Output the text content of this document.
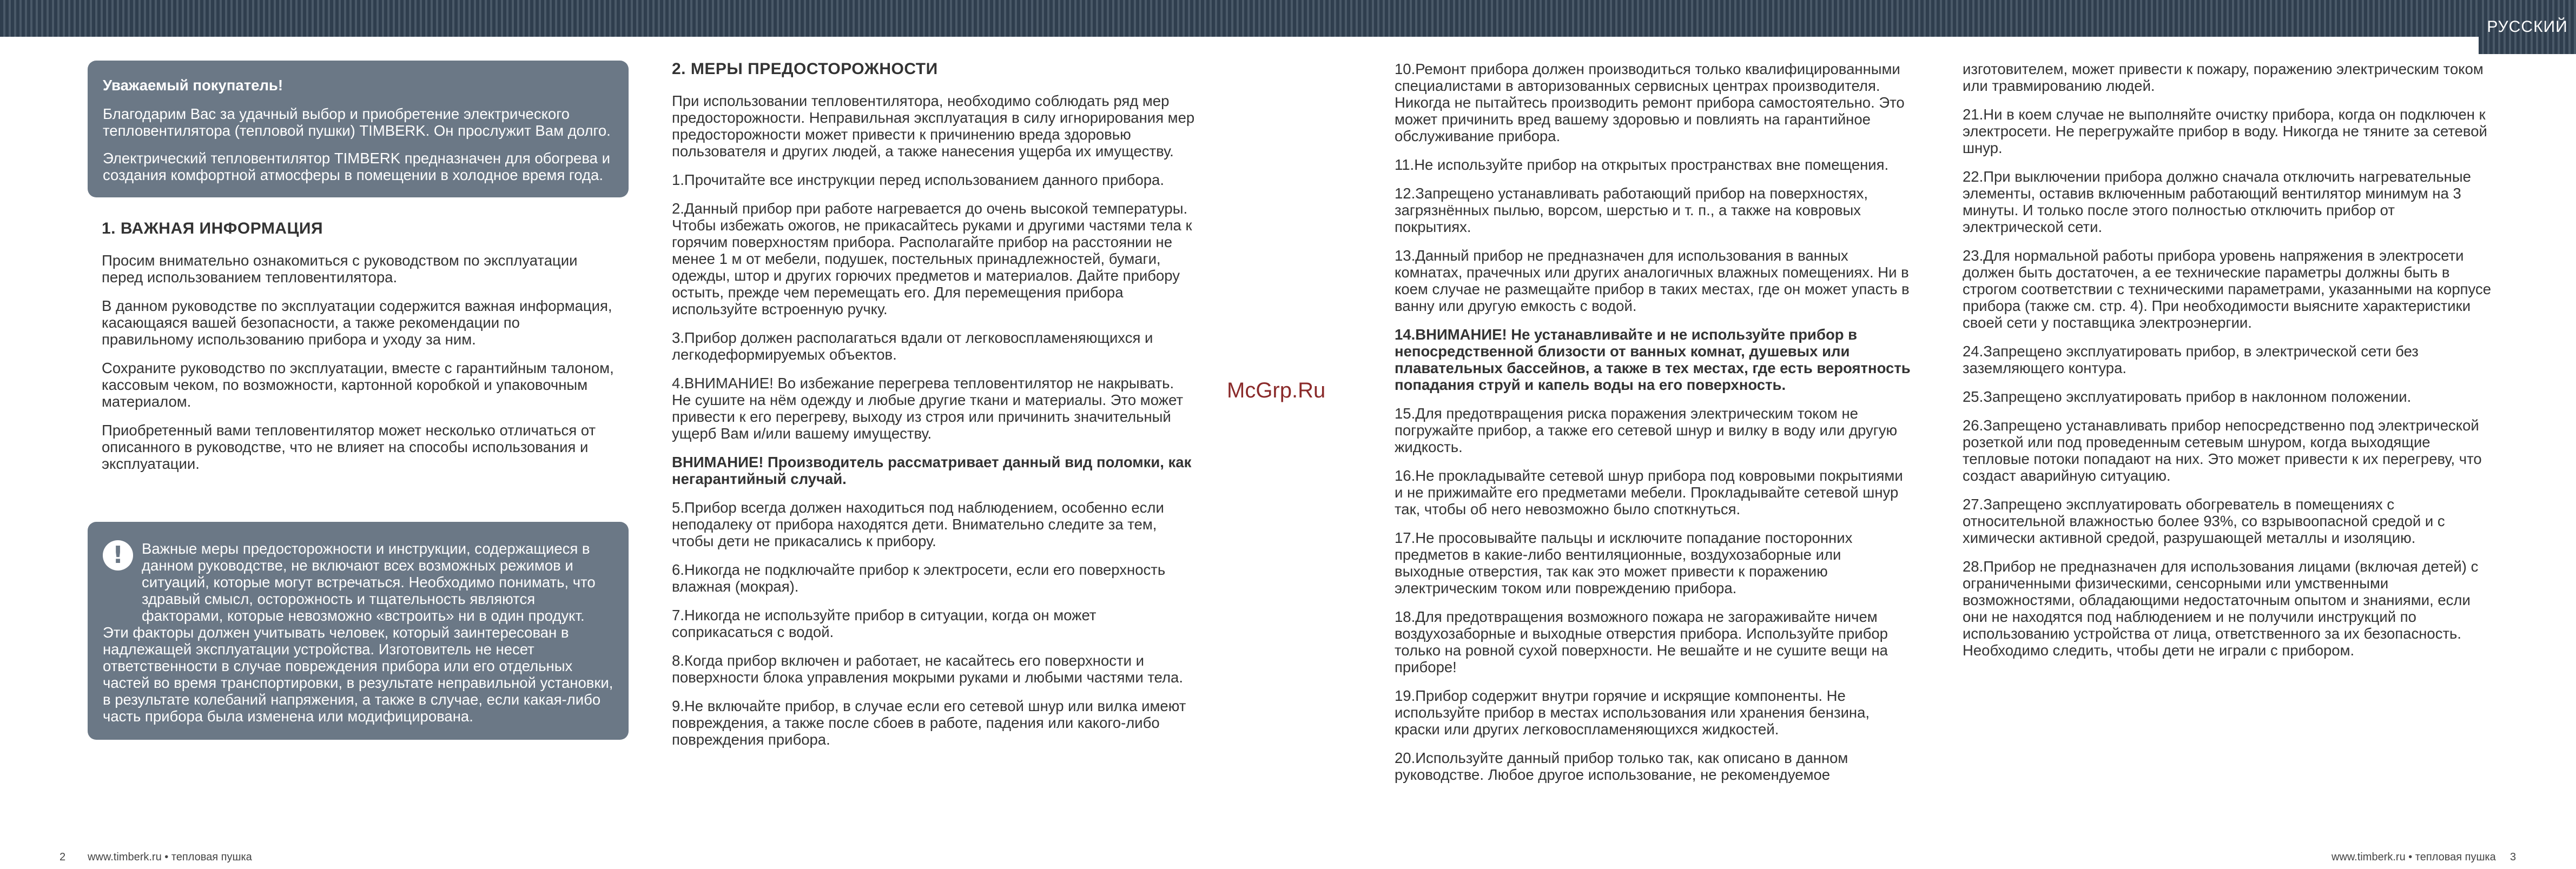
РУССКИЙ

Уважаемый покупатель!

Благодарим Вас за удачный выбор и приобретение электрического тепловентилятора (тепловой пушки) TIMBERK. Он прослужит Вам долго.

Электрический тепловентилятор TIMBERK предназначен для обогрева и создания комфортной атмосферы в помещении в холодное время года.

1. ВАЖНАЯ ИНФОРМАЦИЯ

Просим внимательно ознакомиться с руководством по эксплуатации перед использованием тепловентилятора.

В данном руководстве по эксплуатации содержится важная информация, касающаяся вашей безопасности, а также рекомендации по правильному использованию прибора и уходу за ним.

Сохраните руководство по эксплуатации, вместе с гарантийным талоном, кассовым чеком, по возможности, картонной коробкой и упаковочным материалом.

Приобретенный вами тепловентилятор может несколько отличаться от описанного в руководстве, что не влияет на способы использования и эксплуатации.

!	Важные меры предосторожности и инструкции, содержащиеся в данном руководстве, не включают всех возможных режимов и ситуаций, которые могут встречаться. Необходимо понимать, что здравый смысл, осторожность и тщательность являются факторами, которые невозможно «встроить» ни в один продукт.
Эти факторы должен учитывать человек, который заинтересован в надлежащей эксплуатации устройства. Изготовитель не несет ответственности в случае повреждения прибора или его отдельных частей во время транспортировки, в результате неправильной установки, в результате колебаний напряжения, а также в случае, если какая-либо часть прибора была изменена или модифицирована.
2. МЕРЫ ПРЕДОСТОРОЖНОСТИ

При использовании тепловентилятора, необходимо соблюдать ряд мер предосторожности. Неправильная эксплуатация в силу игнорирования мер предосторожности может привести к причинению вреда здоровью пользователя и других людей, а также нанесения ущерба их имуществу.

1.Прочитайте все инструкции перед использованием данного прибора.

2.Данный прибор при работе нагревается до очень высокой температуры. Чтобы избежать ожогов, не прикасайтесь руками и другими частями тела к горячим поверхностям прибора. Располагайте прибор на расстоянии не менее 1 м от мебели, подушек, постельных принадлежностей, бумаги, одежды, штор и других горючих предметов и материалов. Дайте прибору остыть, прежде чем перемещать его. Для перемещения прибора используйте встроенную ручку.

3.Прибор должен располагаться вдали от легковоспламеняющихся и легкодеформируемых объектов.

4.ВНИМАНИЕ! Во избежание перегрева тепловентилятор не накрывать. Не сушите на нём одежду и любые другие ткани и материалы. Это может привести к его перегреву, выходу из строя или причинить значительный ущерб Вам и/или вашему имуществу.

ВНИМАНИЕ! Производитель рассматривает данный вид поломки, как негарантийный случай.

5.Прибор всегда должен находиться под наблюдением, особенно если неподалеку от прибора находятся дети. Внимательно следите за тем, чтобы дети не прикасались к прибору.

6.Никогда не подключайте прибор к электросети, если его поверхность влажная (мокрая).

7.Никогда не используйте прибор в ситуации, когда он может соприкасаться с водой.

8.Когда прибор включен и работает, не касайтесь его поверхности и поверхности блока управления мокрыми руками и любыми частями тела.

9.Не включайте прибор, в случае если его сетевой шнур или вилка имеют повреждения, а также после сбоев в работе, падения или какого-либо повреждения прибора.

McGrp.Ru

10.Ремонт прибора должен производиться только квалифицированными специалистами в авторизованных сервисных центрах производителя. Никогда не пытайтесь производить ремонт прибора самостоятельно. Это может причинить вред вашему здоровью и повлиять на гарантийное обслуживание прибора.

11.Не используйте прибор на открытых пространствах вне помещения.

12.Запрещено устанавливать работающий прибор на поверхностях, загрязнённых пылью, ворсом, шерстью и т. п., а также на ковровых покрытиях.

13.Данный прибор не предназначен для использования в ванных комнатах, прачечных или других аналогичных влажных помещениях. Ни в коем случае не размещайте прибор в таких местах, где он может упасть в ванну или другую емкость с водой.

14.ВНИМАНИЕ! Не устанавливайте и не используйте прибор в непосредственной близости от ванных комнат, душевых или плавательных бассейнов, а также в тех местах, где есть вероятность попадания струй и капель воды на его поверхность.

15.Для предотвращения риска поражения электрическим током не погружайте прибор, а также его сетевой шнур и вилку в воду или другую жидкость.

16.Не прокладывайте сетевой шнур прибора под ковровыми покрытиями и не прижимайте его предметами мебели. Прокладывайте сетевой шнур так, чтобы об него невозможно было споткнуться.

17.Не просовывайте пальцы и исключите попадание посторонних предметов в какие-либо вентиляционные, воздухозаборные или выходные отверстия, так как это может привести к поражению электрическим током или повреждению прибора.

18.Для предотвращения возможного пожара не загораживайте ничем воздухозаборные и выходные отверстия прибора. Используйте прибор только на ровной сухой поверхности. Не вешайте и не сушите вещи на приборе!

19.Прибор содержит внутри горячие и искрящие компоненты. Не используйте прибор в местах использования или хранения бензина, краски или других легковоспламеняющихся жидкостей.

20.Используйте данный прибор только так, как описано в данном руководстве. Любое другое использование, не рекомендуемое

изготовителем, может привести к пожару, поражению электрическим током или травмированию людей.

21.Ни в коем случае не выполняйте очистку прибора, когда он подключен к электросети. Не перегружайте прибор в воду. Никогда не тяните за сетевой шнур.

22.При выключении прибора должно сначала отключить нагревательные элементы, оставив включенным работающий вентилятор минимум на 3 минуты. И только после этого полностью отключить прибор от электрической сети.

23.Для нормальной работы прибора уровень напряжения в электросети должен быть достаточен, а ее технические параметры должны быть в строгом соответствии с техническими параметрами, указанными на корпусе прибора (также см. стр. 4). При необходимости выясните характеристики своей сети у поставщика электроэнергии.

24.Запрещено эксплуатировать прибор, в электрической сети без заземляющего контура.

25.Запрещено эксплуатировать прибор в наклонном положении.

26.Запрещено устанавливать прибор непосредственно под электрической розеткой или под проведенным сетевым шнуром, когда выходящие тепловые потоки попадают на них. Это может привести к их перегреву, что создаст аварийную ситуацию.

27.Запрещено эксплуатировать обогреватель в помещениях с относительной влажностью более 93%, со взрывоопасной средой и с химически активной средой, разрушающей металлы и изоляцию.

28.Прибор не предназначен для использования лицами (включая детей) с ограниченными физическими, сенсорными или умственными возможностями, обладающими недостаточным опытом и знаниями, если они не находятся под наблюдением и не получили инструкций по использованию устройства от лица, ответственного за их безопасность. Необходимо следить, чтобы дети не играли с прибором.

2 www.timberk.ru • тепловая пушка	www.timberk.ru • тепловая пушка 3
